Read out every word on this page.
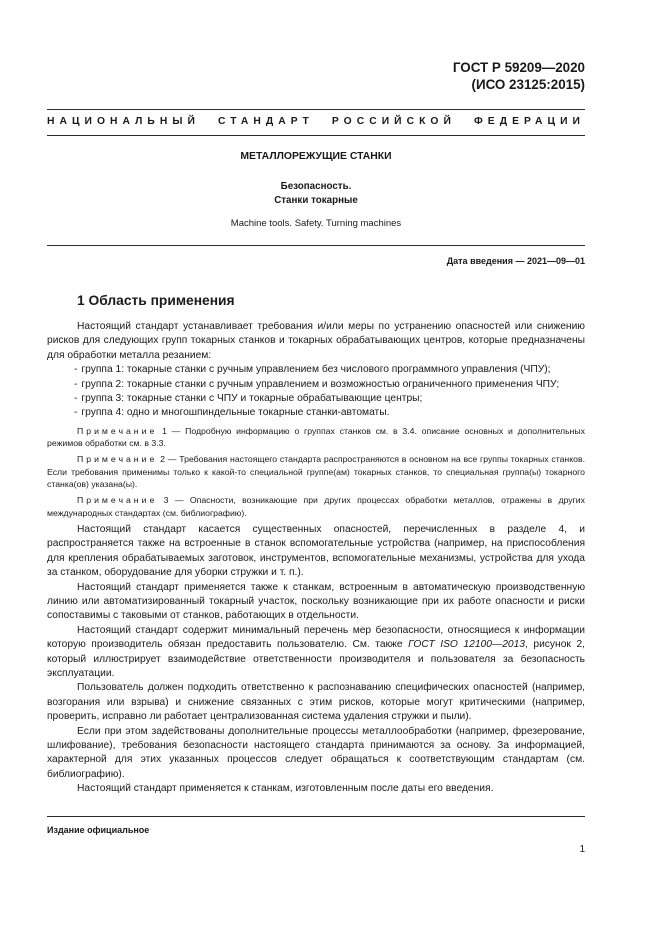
ГОСТ Р 59209—2020
(ИСО 23125:2015)
НАЦИОНАЛЬНЫЙ СТАНДАРТ РОССИЙСКОЙ ФЕДЕРАЦИИ
МЕТАЛЛОРЕЖУЩИЕ СТАНКИ
Безопасность.
Станки токарные
Machine tools. Safety. Turning machines
Дата введения — 2021—09—01
1 Область применения

Настоящий стандарт устанавливает требования и/или меры по устранению опасностей или снижению рисков для следующих групп токарных станков и токарных обрабатывающих центров, которые предназначены для обработки металла резанием:

- группа 1: токарные станки с ручным управлением без числового программного управления (ЧПУ);

- группа 2: токарные станки с ручным управлением и возможностью ограниченного применения ЧПУ;

- группа 3: токарные станки с ЧПУ и токарные обрабатывающие центры;

- группа 4: одно и многошпиндельные токарные станки-автоматы.

Примечание 1 — Подробную информацию о группах станков см. в 3.4. описание основных и дополнительных режимов обработки см. в 3.3.

Примечание 2 — Требования настоящего стандарта распространяются в основном на все группы токарных станков. Если требования применимы только к какой-то специальной группе(ам) токарных станков, то специальная группа(ы) токарного станка(ов) указана(ы).

Примечание 3 — Опасности, возникающие при других процессах обработки металлов, отражены в других международных стандартах (см. библиографию).

Настоящий стандарт касается существенных опасностей, перечисленных в разделе 4, и распространяется также на встроенные в станок вспомогательные устройства (например, на приспособления для крепления обрабатываемых заготовок, инструментов, вспомогательные механизмы, устройства для ухода за станком, оборудование для уборки стружки и т. п.).

Настоящий стандарт применяется также к станкам, встроенным в автоматическую производственную линию или автоматизированный токарный участок, поскольку возникающие при их работе опасности и риски сопоставимы с таковыми от станков, работающих в отдельности.

Настоящий стандарт содержит минимальный перечень мер безопасности, относящиеся к информации которую производитель обязан предоставить пользователю. См. также ГОСТ ISO 12100—2013, рисунок 2, который иллюстрирует взаимодействие ответственности производителя и пользователя за безопасность эксплуатации.

Пользователь должен подходить ответственно к распознаванию специфических опасностей (например, возгорания или взрыва) и снижение связанных с этим рисков, которые могут критическими (например, проверить, исправно ли работает централизованная система удаления стружки и пыли).

Если при этом задействованы дополнительные процессы металлообработки (например, фрезерование, шлифование), требования безопасности настоящего стандарта принимаются за основу. За информацией, характерной для этих указанных процессов следует обращаться к соответствующим стандартам (см. библиографию).

Настоящий стандарт применяется к станкам, изготовленным после даты его введения.

Издание официальное
1
